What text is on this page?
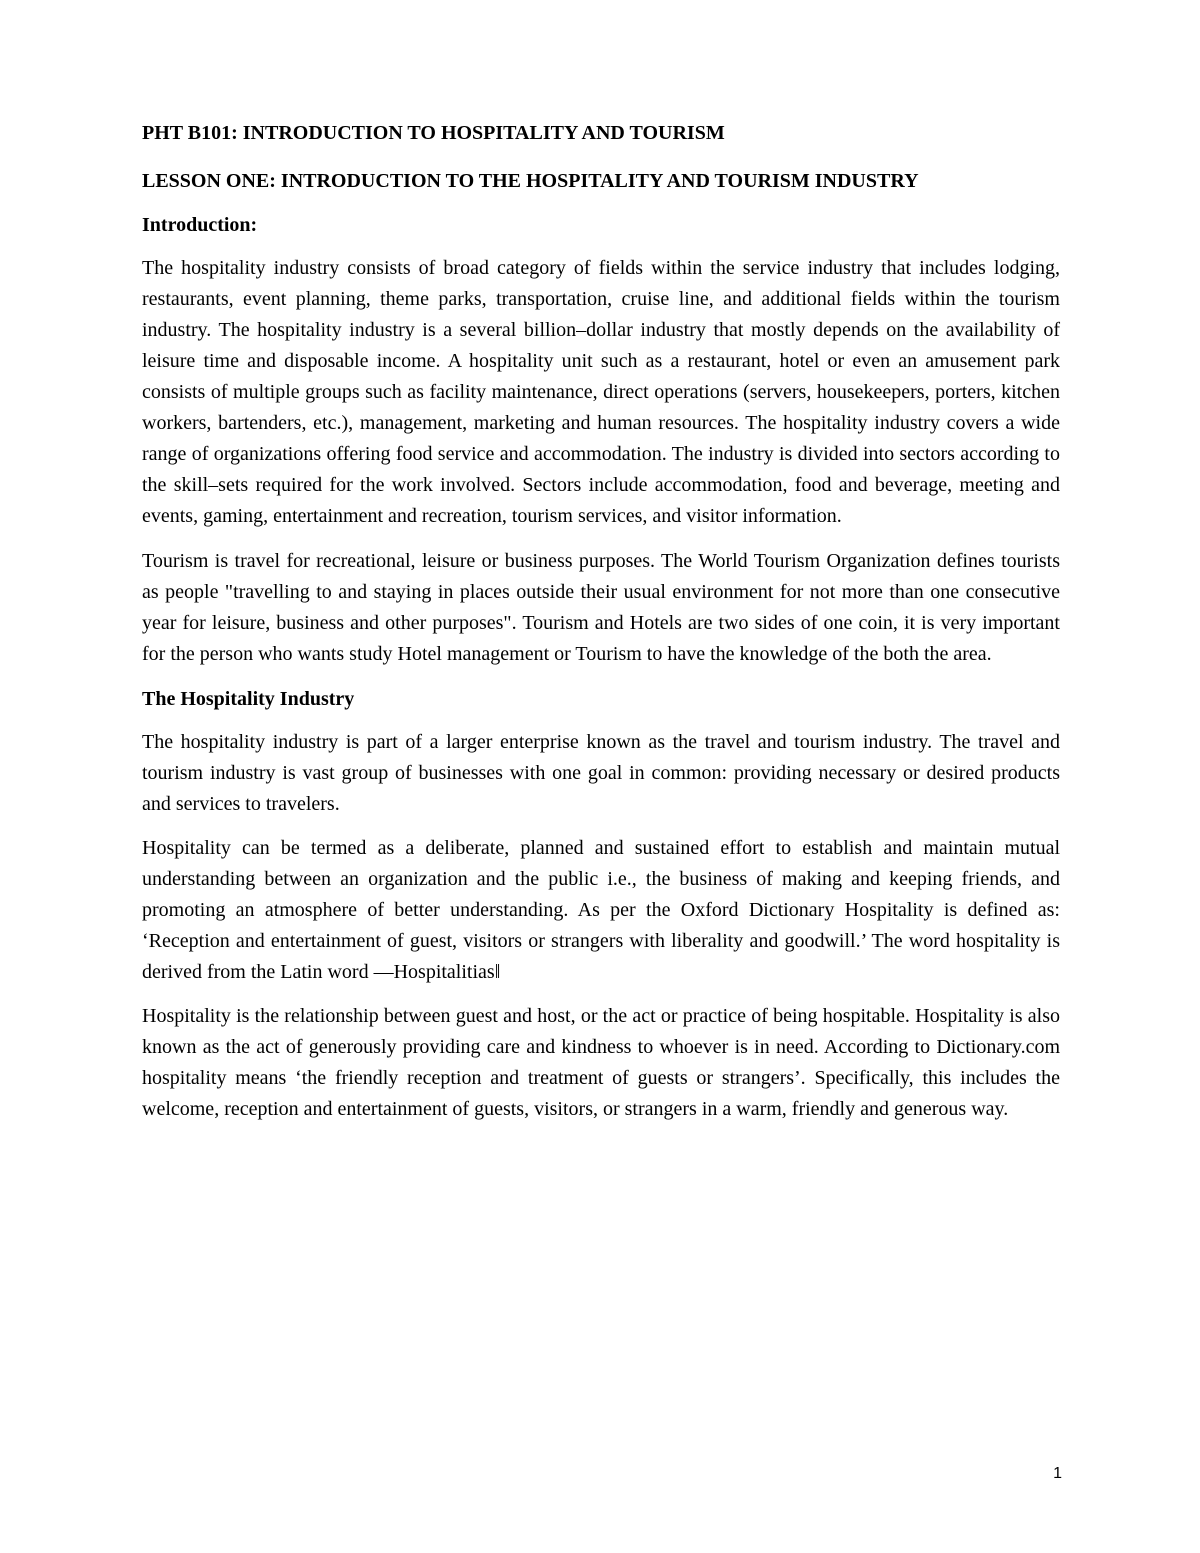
PHT B101: INTRODUCTION TO HOSPITALITY AND TOURISM
LESSON ONE: INTRODUCTION TO THE HOSPITALITY AND TOURISM INDUSTRY
Introduction:

The hospitality industry consists of broad category of fields within the service industry that includes lodging, restaurants, event planning, theme parks, transportation, cruise line, and additional fields within the tourism industry. The hospitality industry is a several billion–dollar industry that mostly depends on the availability of leisure time and disposable income. A hospitality unit such as a restaurant, hotel or even an amusement park consists of multiple groups such as facility maintenance, direct operations (servers, housekeepers, porters, kitchen workers, bartenders, etc.), management, marketing and human resources. The hospitality industry covers a wide range of organizations offering food service and accommodation. The industry is divided into sectors according to the skill–sets required for the work involved. Sectors include accommodation, food and beverage, meeting and events, gaming, entertainment and recreation, tourism services, and visitor information.

Tourism is travel for recreational, leisure or business purposes. The World Tourism Organization defines tourists as people "travelling to and staying in places outside their usual environment for not more than one consecutive year for leisure, business and other purposes". Tourism and Hotels are two sides of one coin, it is very important for the person who wants study Hotel management or Tourism to have the knowledge of the both the area.

The Hospitality Industry

The hospitality industry is part of a larger enterprise known as the travel and tourism industry. The travel and tourism industry is vast group of businesses with one goal in common: providing necessary or desired products and services to travelers.

Hospitality can be termed as a deliberate, planned and sustained effort to establish and maintain mutual understanding between an organization and the public i.e., the business of making and keeping friends, and promoting an atmosphere of better understanding. As per the Oxford Dictionary Hospitality is defined as: ‘Reception and entertainment of guest, visitors or strangers with liberality and goodwill.’ The word hospitality is derived from the Latin word —Hospitalitias‖

Hospitality is the relationship between guest and host, or the act or practice of being hospitable. Hospitality is also known as the act of generously providing care and kindness to whoever is in need. According to Dictionary.com hospitality means ‘the friendly reception and treatment of guests or strangers’. Specifically, this includes the welcome, reception and entertainment of guests, visitors, or strangers in a warm, friendly and generous way.

1
